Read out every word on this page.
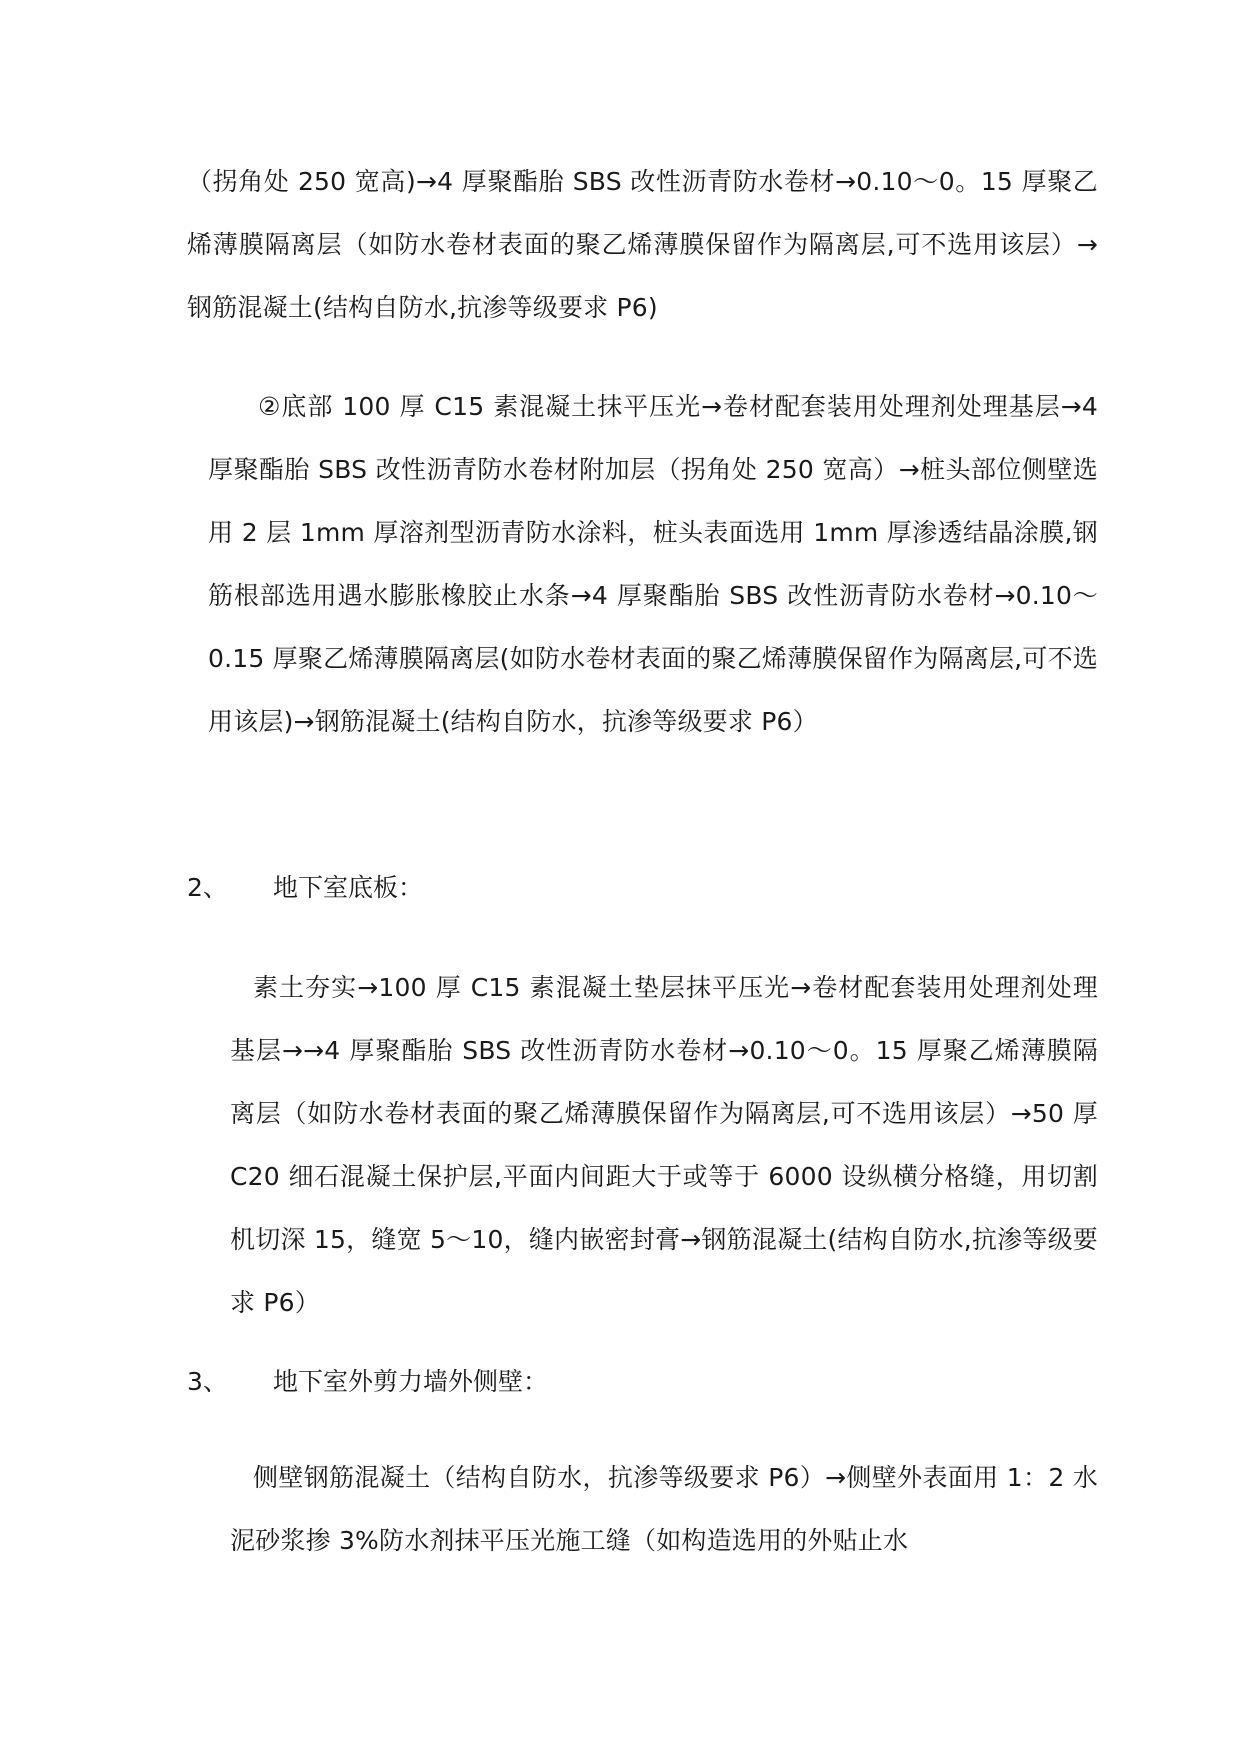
（拐角处 250 宽高)→4 厚聚酯胎 SBS 改性沥青防水卷材→0.10～0。15 厚聚乙烯薄膜隔离层（如防水卷材表面的聚乙烯薄膜保留作为隔离层,可不选用该层）→钢筋混凝土(结构自防水,抗渗等级要求 P6)

②底部 100 厚 C15 素混凝土抹平压光→卷材配套装用处理剂处理基层→4 厚聚酯胎 SBS 改性沥青防水卷材附加层（拐角处 250 宽高）→桩头部位侧壁选用 2 层 1mm 厚溶剂型沥青防水涂料，桩头表面选用 1mm 厚渗透结晶涂膜,钢筋根部选用遇水膨胀橡胶止水条→4 厚聚酯胎 SBS 改性沥青防水卷材→0.10～0.15 厚聚乙烯薄膜隔离层(如防水卷材表面的聚乙烯薄膜保留作为隔离层,可不选用该层)→钢筋混凝土(结构自防水，抗渗等级要求 P6）

2、 地下室底板：

素土夯实→100 厚 C15 素混凝土垫层抹平压光→卷材配套装用处理剂处理基层→→4 厚聚酯胎 SBS 改性沥青防水卷材→0.10～0。15 厚聚乙烯薄膜隔离层（如防水卷材表面的聚乙烯薄膜保留作为隔离层,可不选用该层）→50 厚 C20 细石混凝土保护层,平面内间距大于或等于 6000 设纵横分格缝，用切割机切深 15，缝宽 5～10，缝内嵌密封膏→钢筋混凝土(结构自防水,抗渗等级要求 P6）

3、 地下室外剪力墙外侧壁：

侧壁钢筋混凝土（结构自防水，抗渗等级要求 P6）→侧壁外表面用 1：2 水泥砂浆掺 3%防水剂抹平压光施工缝（如构造选用的外贴止水
